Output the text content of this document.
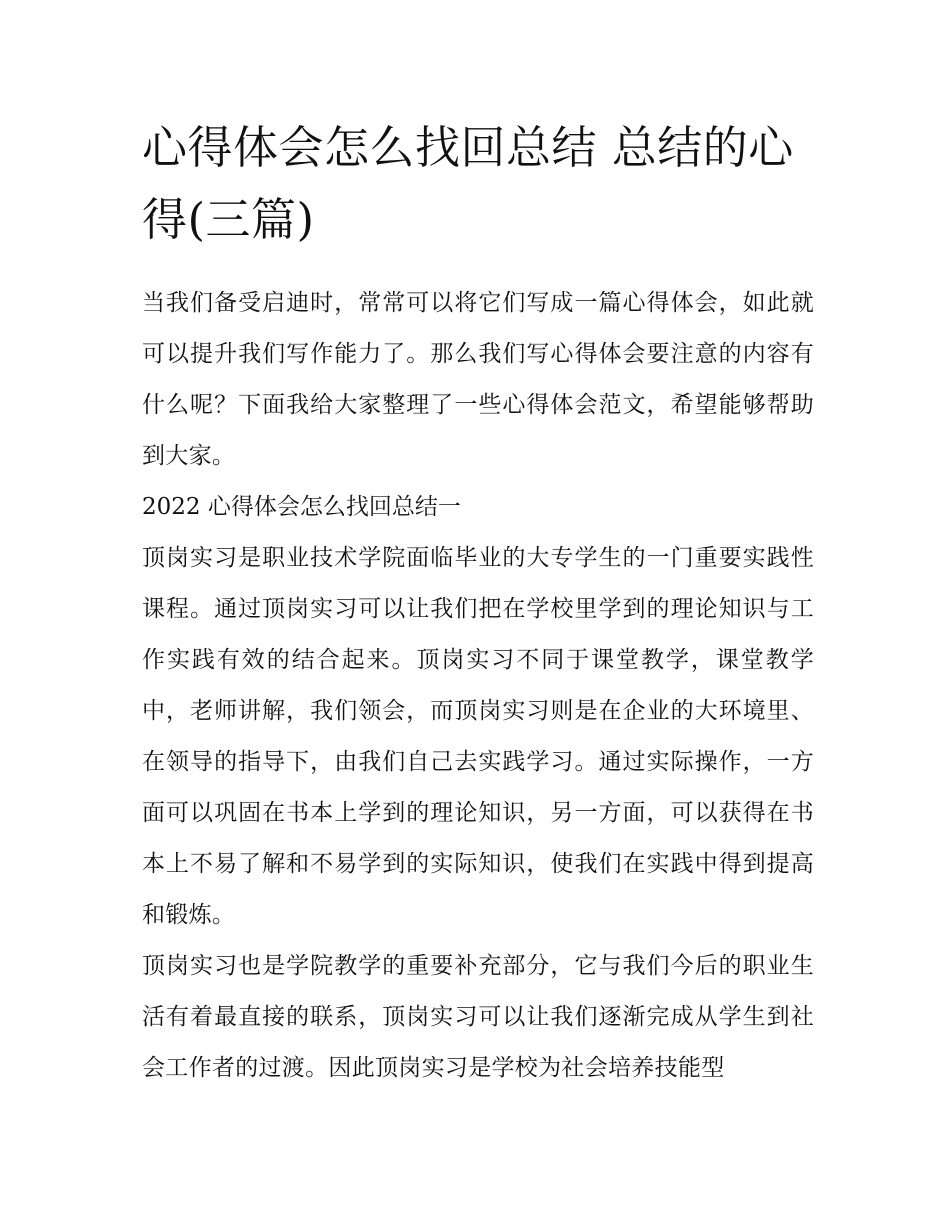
心得体会怎么找回总结 总结的心得(三篇)

当我们备受启迪时，常常可以将它们写成一篇心得体会，如此就可以提升我们写作能力了。那么我们写心得体会要注意的内容有什么呢？下面我给大家整理了一些心得体会范文，希望能够帮助到大家。

2022 心得体会怎么找回总结一

顶岗实习是职业技术学院面临毕业的大专学生的一门重要实践性课程。通过顶岗实习可以让我们把在学校里学到的理论知识与工作实践有效的结合起来。顶岗实习不同于课堂教学，课堂教学中，老师讲解，我们领会，而顶岗实习则是在企业的大环境里、在领导的指导下，由我们自己去实践学习。通过实际操作，一方面可以巩固在书本上学到的理论知识，另一方面，可以获得在书本上不易了解和不易学到的实际知识，使我们在实践中得到提高和锻炼。

顶岗实习也是学院教学的重要补充部分，它与我们今后的职业生活有着最直接的联系，顶岗实习可以让我们逐渐完成从学生到社会工作者的过渡。因此顶岗实习是学校为社会培养技能型
